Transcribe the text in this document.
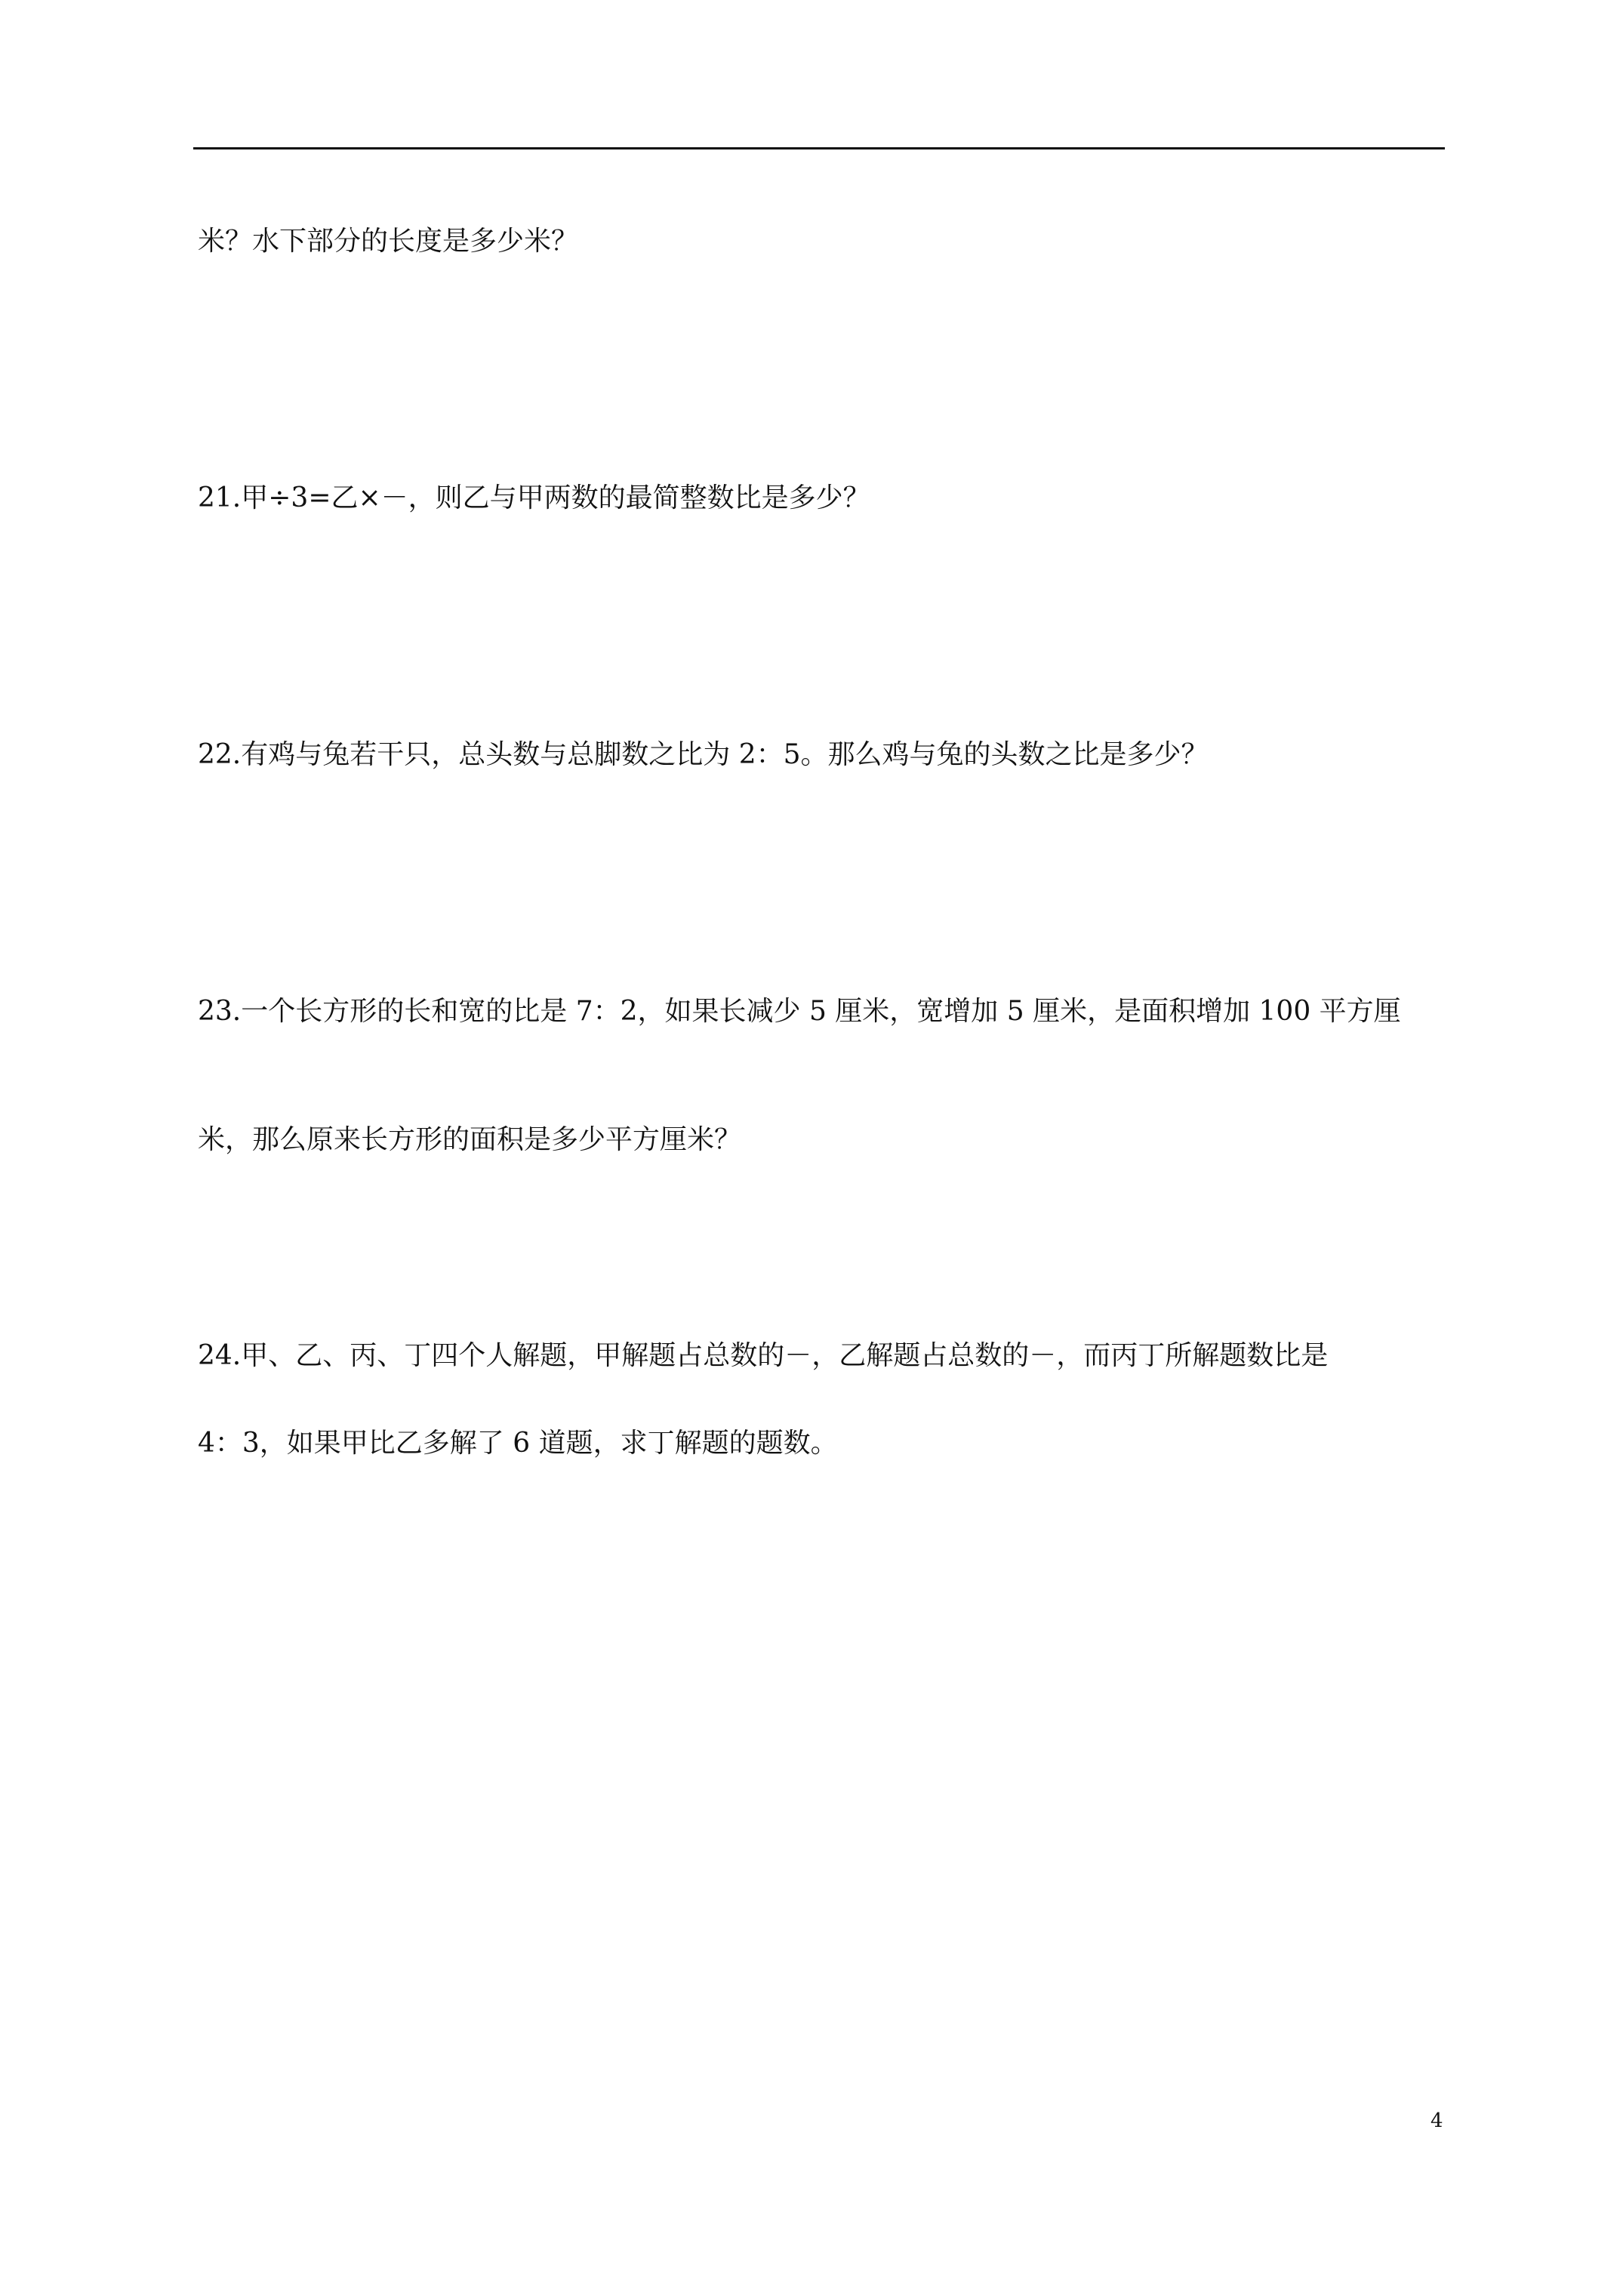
米？水下部分的长度是多少米？
21.甲÷3=乙×－，则乙与甲两数的最简整数比是多少？
22.有鸡与兔若干只，总头数与总脚数之比为 2：5。那么鸡与兔的头数之比是多少？
23.一个长方形的长和宽的比是 7：2，如果长减少 5 厘米，宽增加 5 厘米，是面积增加 100 平方厘
米，那么原来长方形的面积是多少平方厘米？
24.甲、乙、丙、丁四个人解题，甲解题占总数的－，乙解题占总数的－，而丙丁所解题数比是
4：3，如果甲比乙多解了 6 道题，求丁解题的题数。
4
